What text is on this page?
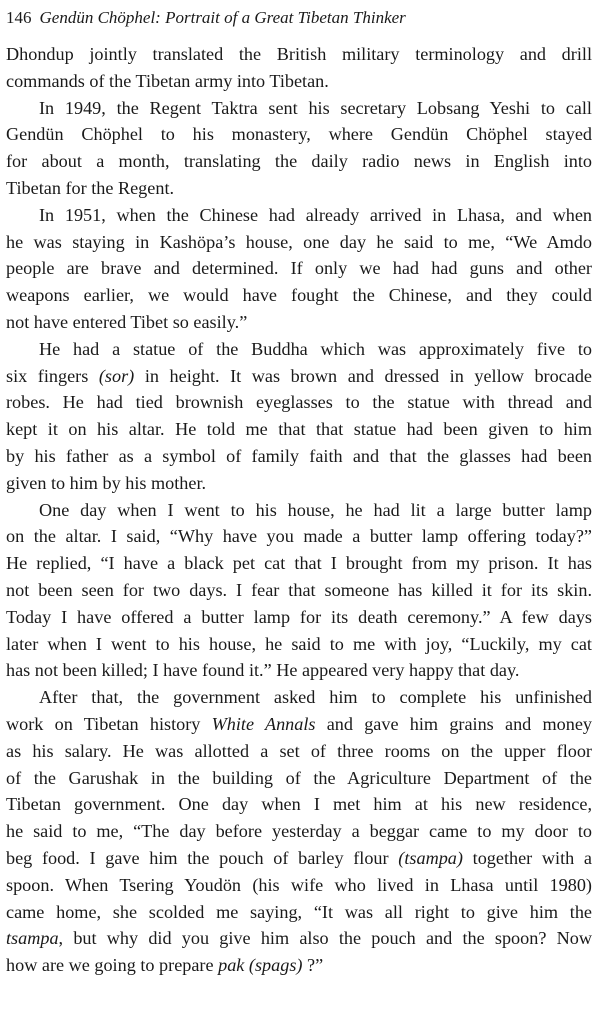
146 Gendün Chöphel: Portrait of a Great Tibetan Thinker
Dhondup jointly translated the British military terminology and drill
commands of the Tibetan army into Tibetan.
In 1949, the Regent Taktra sent his secretary Lobsang Yeshi to call
Gendün Chöphel to his monastery, where Gendün Chöphel stayed
for about a month, translating the daily radio news in English into
Tibetan for the Regent.
In 1951, when the Chinese had already arrived in Lhasa, and when
he was staying in Kashöpa’s house, one day he said to me, “We Amdo
people are brave and determined. If only we had had guns and other
weapons earlier, we would have fought the Chinese, and they could
not have entered Tibet so easily.”
He had a statue of the Buddha which was approximately five to
six fingers (sor) in height. It was brown and dressed in yellow brocade
robes. He had tied brownish eyeglasses to the statue with thread and
kept it on his altar. He told me that that statue had been given to him
by his father as a symbol of family faith and that the glasses had been
given to him by his mother.
One day when I went to his house, he had lit a large butter lamp
on the altar. I said, “Why have you made a butter lamp offering today?”
He replied, “I have a black pet cat that I brought from my prison. It has
not been seen for two days. I fear that someone has killed it for its skin.
Today I have offered a butter lamp for its death ceremony.” A few days
later when I went to his house, he said to me with joy, “Luckily, my cat
has not been killed; I have found it.” He appeared very happy that day.
After that, the government asked him to complete his unfinished
work on Tibetan history White Annals and gave him grains and money
as his salary. He was allotted a set of three rooms on the upper floor
of the Garushak in the building of the Agriculture Department of the
Tibetan government. One day when I met him at his new residence,
he said to me, “The day before yesterday a beggar came to my door to
beg food. I gave him the pouch of barley flour (tsampa) together with a
spoon. When Tsering Youdön (his wife who lived in Lhasa until 1980)
came home, she scolded me saying, “It was all right to give him the
tsampa, but why did you give him also the pouch and the spoon? Now
how are we going to prepare pak (spags) ?”
